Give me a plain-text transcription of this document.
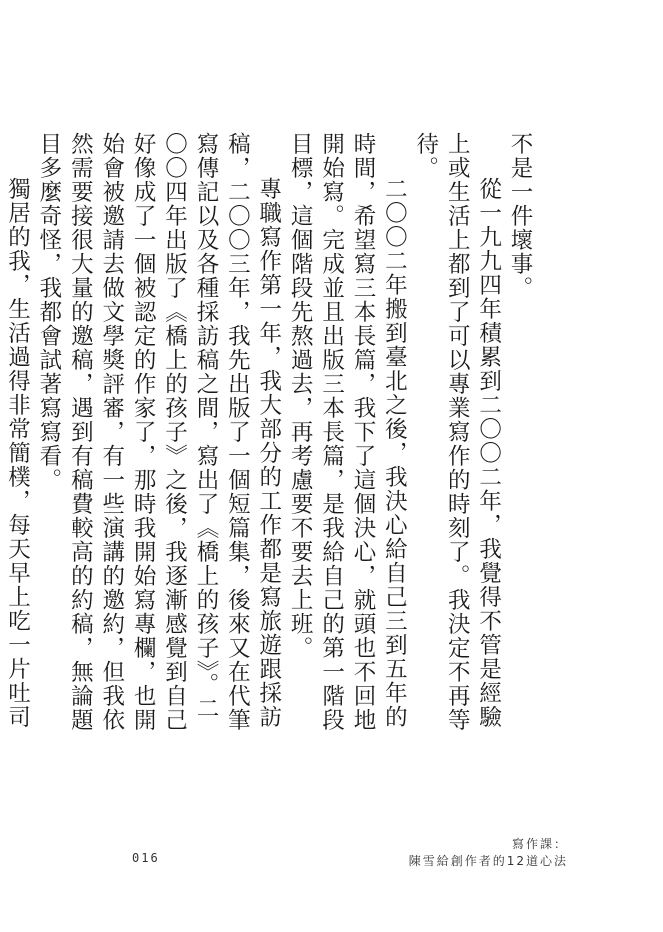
不是一件壞事。

從一九九四年積累到二〇〇二年，我覺得不管是經驗上或生活上都到了可以專業寫作的時刻了。我決定不再等待。

二〇〇二年搬到臺北之後，我決心給自己三到五年的時間，希望寫三本長篇，我下了這個決心，就頭也不回地開始寫。完成並且出版三本長篇，是我給自己的第一階段目標，這個階段先熬過去，再考慮要不要去上班。

專職寫作第一年，我大部分的工作都是寫旅遊跟採訪稿，二〇〇三年，我先出版了一個短篇集，後來又在代筆寫傳記以及各種採訪稿之間，寫出了《橋上的孩子》。二〇〇四年出版了《橋上的孩子》之後，我逐漸感覺到自己好像成了一個被認定的作家了，那時我開始寫專欄，也開始會被邀請去做文學獎評審，有一些演講的邀約，但我依然需要接很大量的邀稿，遇到有稿費較高的約稿，無論題目多麼奇怪，我都會試著寫寫看。

獨居的我，生活過得非常簡樸，每天早上吃一片吐司

016
寫作課：
陳雪給創作者的12道心法
